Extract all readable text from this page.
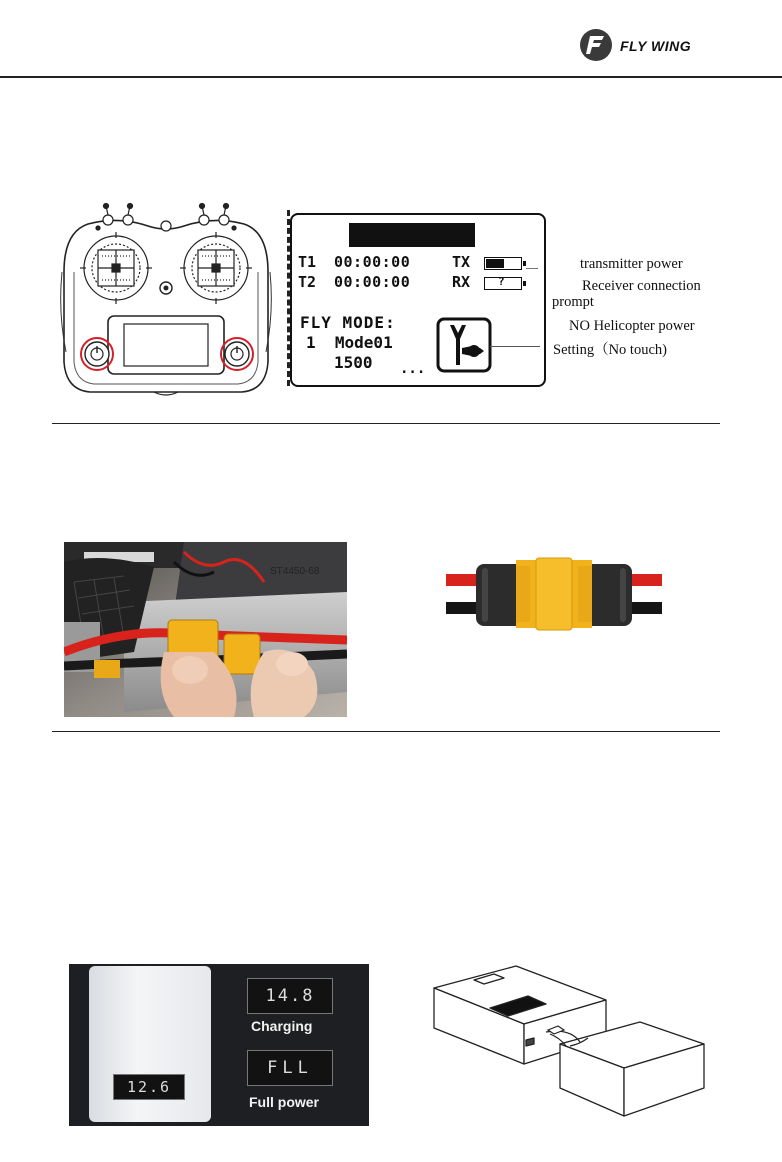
FLY WING
T1 00:00:00
T2 00:00:00
TX
RX	?
FLY MODE:
1  Mode01
1500 ...
transmitter power
Receiver connection
prompt
NO Helicopter power
Setting（No touch)
ST4450-68
12.6
14.8
Charging
FLL
Full power
